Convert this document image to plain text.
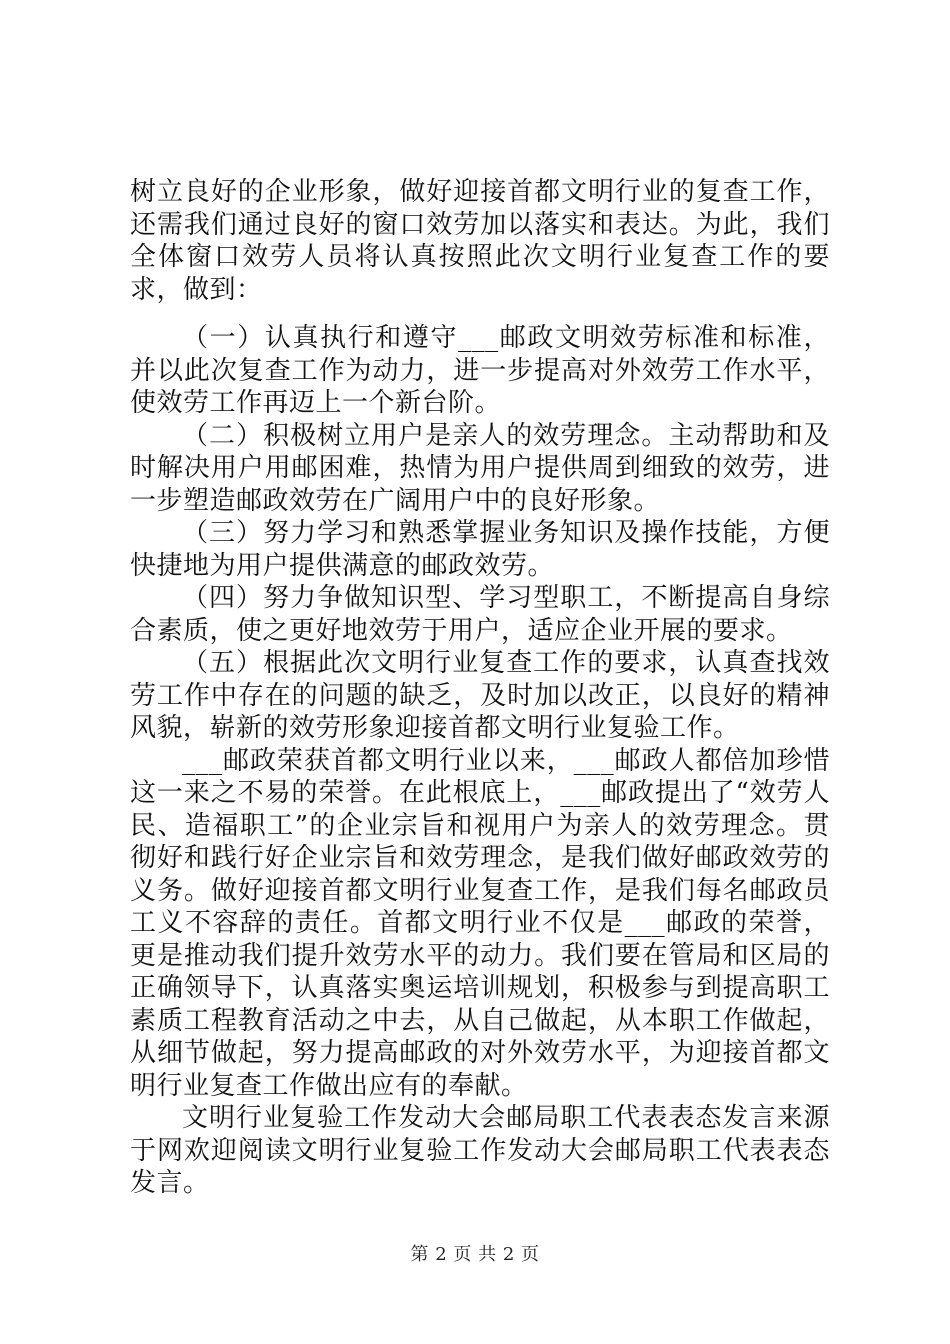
树立良好的企业形象，做好迎接首都文明行业的复查工作，还需我们通过良好的窗口效劳加以落实和表达。为此，我们全体窗口效劳人员将认真按照此次文明行业复查工作的要求，做到：

（一）认真执行和遵守___邮政文明效劳标准和标准，并以此次复查工作为动力，进一步提高对外效劳工作水平，使效劳工作再迈上一个新台阶。

（二）积极树立用户是亲人的效劳理念。主动帮助和及时解决用户用邮困难，热情为用户提供周到细致的效劳，进一步塑造邮政效劳在广阔用户中的良好形象。

（三）努力学习和熟悉掌握业务知识及操作技能，方便快捷地为用户提供满意的邮政效劳。

（四）努力争做知识型、学习型职工，不断提高自身综合素质，使之更好地效劳于用户，适应企业开展的要求。

（五）根据此次文明行业复查工作的要求，认真查找效劳工作中存在的问题的缺乏，及时加以改正，以良好的精神风貌，崭新的效劳形象迎接首都文明行业复验工作。

___邮政荣获首都文明行业以来，___邮政人都倍加珍惜这一来之不易的荣誉。在此根底上，___邮政提出了“效劳人民、造福职工”的企业宗旨和视用户为亲人的效劳理念。贯彻好和践行好企业宗旨和效劳理念，是我们做好邮政效劳的义务。做好迎接首都文明行业复查工作，是我们每名邮政员工义不容辞的责任。首都文明行业不仅是___邮政的荣誉，更是推动我们提升效劳水平的动力。我们要在管局和区局的正确领导下，认真落实奥运培训规划，积极参与到提高职工素质工程教育活动之中去，从自己做起，从本职工作做起，从细节做起，努力提高邮政的对外效劳水平，为迎接首都文明行业复查工作做出应有的奉献。

文明行业复验工作发动大会邮局职工代表表态发言来源于网欢迎阅读文明行业复验工作发动大会邮局职工代表表态发言。

第 2 页 共 2 页
